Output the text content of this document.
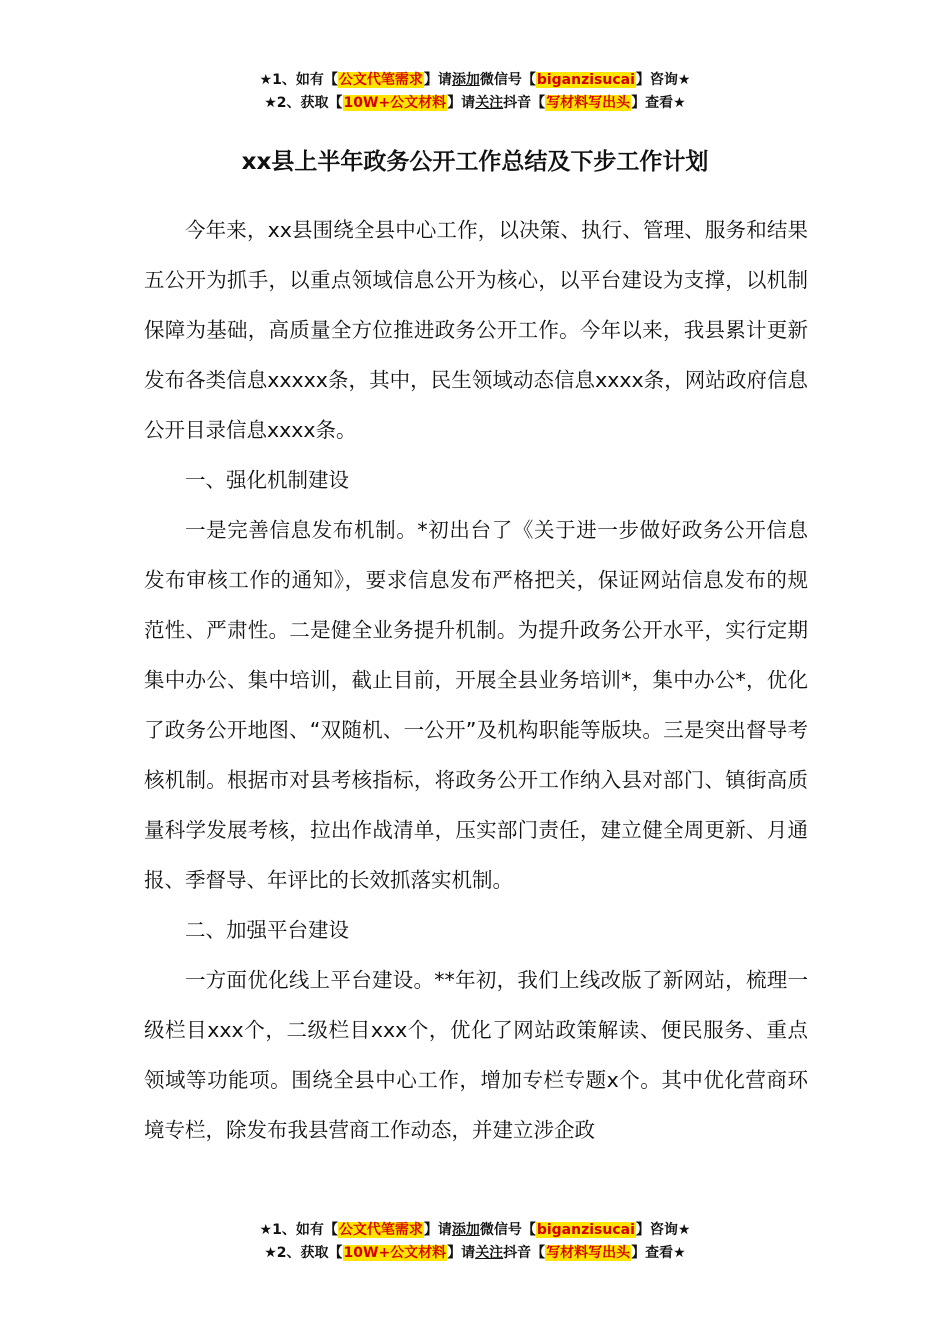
★1、如有【公文代笔需求】请添加微信号【biganzisucai】咨询★
★2、获取【10W+公文材料】请关注抖音【写材料写出头】查看★
xx县上半年政务公开工作总结及下步工作计划

今年来，xx县围绕全县中心工作，以决策、执行、管理、服务和结果五公开为抓手，以重点领域信息公开为核心，以平台建设为支撑，以机制保障为基础，高质量全方位推进政务公开工作。今年以来，我县累计更新发布各类信息xxxxx条，其中，民生领域动态信息xxxx条，网站政府信息公开目录信息xxxx条。

一、强化机制建设

一是完善信息发布机制。*初出台了《关于进一步做好政务公开信息发布审核工作的通知》，要求信息发布严格把关，保证网站信息发布的规范性、严肃性。二是健全业务提升机制。为提升政务公开水平，实行定期集中办公、集中培训，截止目前，开展全县业务培训*，集中办公*，优化了政务公开地图、“双随机、一公开”及机构职能等版块。三是突出督导考核机制。根据市对县考核指标，将政务公开工作纳入县对部门、镇街高质量科学发展考核，拉出作战清单，压实部门责任，建立健全周更新、月通报、季督导、年评比的长效抓落实机制。

二、加强平台建设

一方面优化线上平台建设。**年初，我们上线改版了新网站，梳理一级栏目xxx个，二级栏目xxx个，优化了网站政策解读、便民服务、重点领域等功能项。围绕全县中心工作，增加专栏专题x个。其中优化营商环境专栏，除发布我县营商工作动态，并建立涉企政

★1、如有【公文代笔需求】请添加微信号【biganzisucai】咨询★
★2、获取【10W+公文材料】请关注抖音【写材料写出头】查看★
